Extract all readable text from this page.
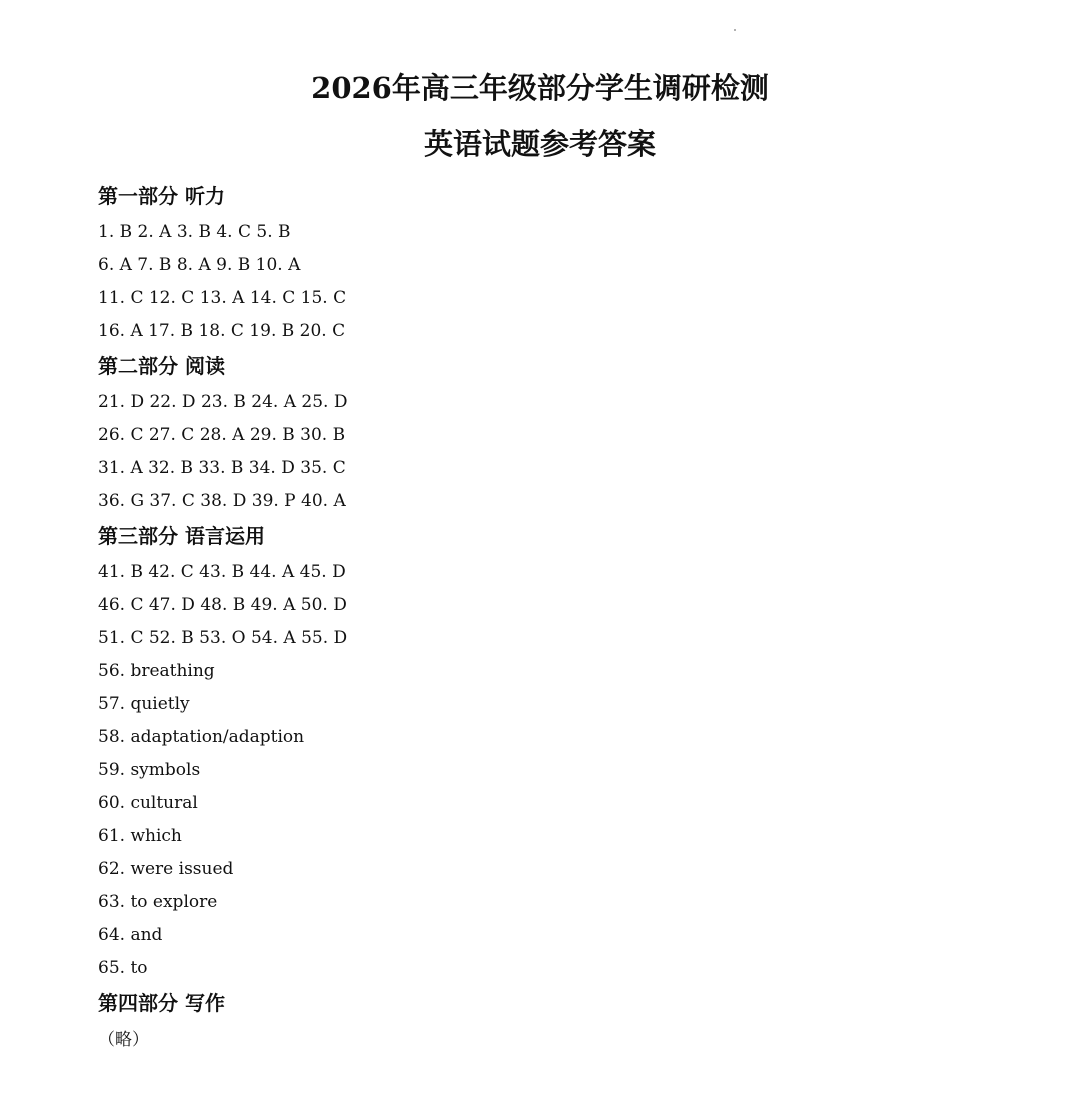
2026年高三年级部分学生调研检测
英语试题参考答案
第一部分 听力
1. B 2. A 3. B 4. C 5. B
6. A 7. B 8. A 9. B 10. A
11. C 12. C 13. A 14. C 15. C
16. A 17. B 18. C 19. B 20. C
第二部分 阅读
21. D 22. D 23. B 24. A 25. D
26. C 27. C 28. A 29. B 30. B
31. A 32. B 33. B 34. D 35. C
36. G 37. C 38. D 39. P 40. A
第三部分 语言运用
41. B 42. C 43. B 44. A 45. D
46. C 47. D 48. B 49. A 50. D
51. C 52. B 53. O 54. A 55. D
56. breathing
57. quietly
58. adaptation/adaption
59. symbols
60. cultural
61. which
62. were issued
63. to explore
64. and
65. to
第四部分 写作
（略）
